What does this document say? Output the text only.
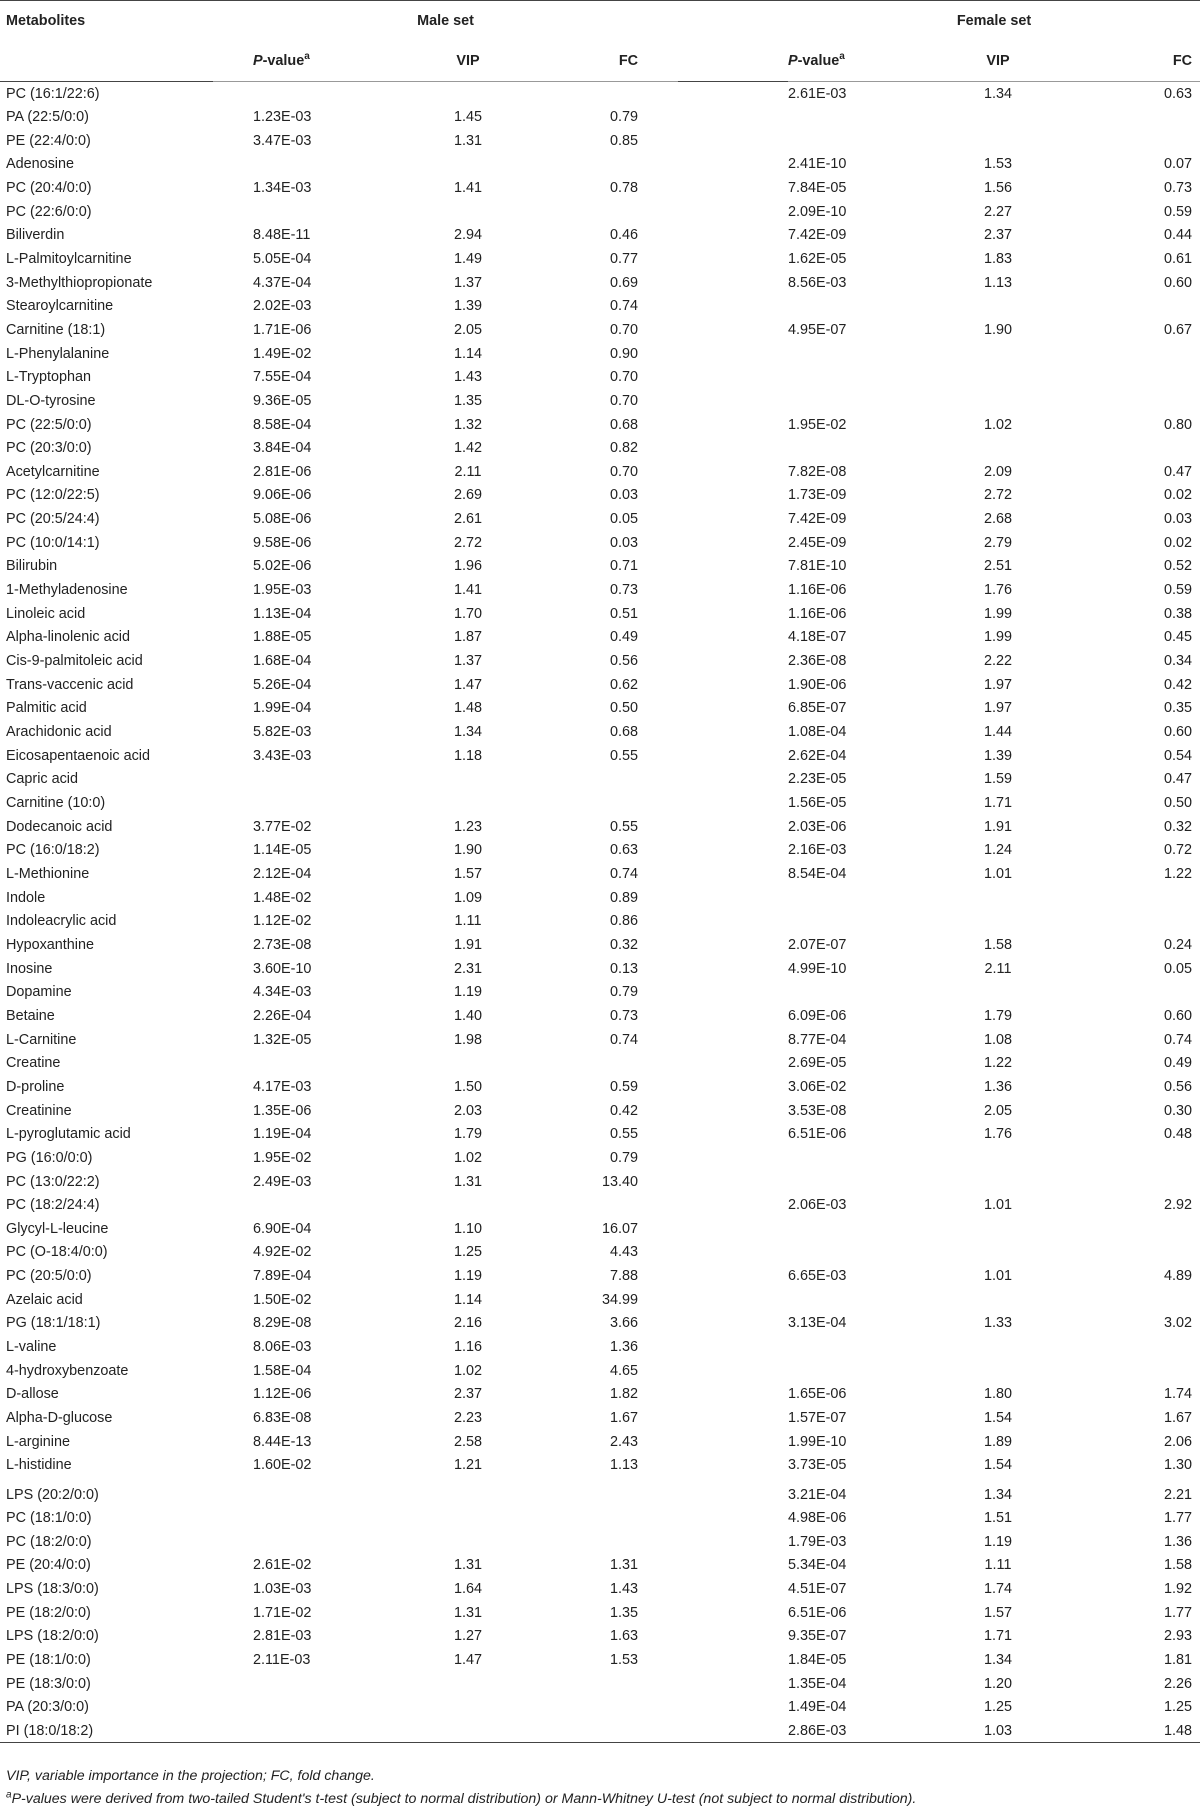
Metabolites	Male set				Female set		
	P-value$^a$	VIP	FC		P-value$^a$	VIP	FC
PC (16:1/22:6)					2.61E-03	1.34	0.63
PA (22:5/0:0)	1.23E-03	1.45	0.79				
PE (22:4/0:0)	3.47E-03	1.31	0.85				
Adenosine					2.41E-10	1.53	0.07
PC (20:4/0:0)	1.34E-03	1.41	0.78		7.84E-05	1.56	0.73
PC (22:6/0:0)					2.09E-10	2.27	0.59
Biliverdin	8.48E-11	2.94	0.46		7.42E-09	2.37	0.44
L-Palmitoylcarnitine	5.05E-04	1.49	0.77		1.62E-05	1.83	0.61
3-Methylthiopropionate	4.37E-04	1.37	0.69		8.56E-03	1.13	0.60
Stearoylcarnitine	2.02E-03	1.39	0.74				
Carnitine (18:1)	1.71E-06	2.05	0.70		4.95E-07	1.90	0.67
L-Phenylalanine	1.49E-02	1.14	0.90				
L-Tryptophan	7.55E-04	1.43	0.70				
DL-O-tyrosine	9.36E-05	1.35	0.70				
PC (22:5/0:0)	8.58E-04	1.32	0.68		1.95E-02	1.02	0.80
PC (20:3/0:0)	3.84E-04	1.42	0.82				
Acetylcarnitine	2.81E-06	2.11	0.70		7.82E-08	2.09	0.47
PC (12:0/22:5)	9.06E-06	2.69	0.03		1.73E-09	2.72	0.02
PC (20:5/24:4)	5.08E-06	2.61	0.05		7.42E-09	2.68	0.03
PC (10:0/14:1)	9.58E-06	2.72	0.03		2.45E-09	2.79	0.02
Bilirubin	5.02E-06	1.96	0.71		7.81E-10	2.51	0.52
1-Methyladenosine	1.95E-03	1.41	0.73		1.16E-06	1.76	0.59
Linoleic acid	1.13E-04	1.70	0.51		1.16E-06	1.99	0.38
Alpha-linolenic acid	1.88E-05	1.87	0.49		4.18E-07	1.99	0.45
Cis-9-palmitoleic acid	1.68E-04	1.37	0.56		2.36E-08	2.22	0.34
Trans-vaccenic acid	5.26E-04	1.47	0.62		1.90E-06	1.97	0.42
Palmitic acid	1.99E-04	1.48	0.50		6.85E-07	1.97	0.35
Arachidonic acid	5.82E-03	1.34	0.68		1.08E-04	1.44	0.60
Eicosapentaenoic acid	3.43E-03	1.18	0.55		2.62E-04	1.39	0.54
Capric acid					2.23E-05	1.59	0.47
Carnitine (10:0)					1.56E-05	1.71	0.50
Dodecanoic acid	3.77E-02	1.23	0.55		2.03E-06	1.91	0.32
PC (16:0/18:2)	1.14E-05	1.90	0.63		2.16E-03	1.24	0.72
L-Methionine	2.12E-04	1.57	0.74		8.54E-04	1.01	1.22
Indole	1.48E-02	1.09	0.89				
Indoleacrylic acid	1.12E-02	1.11	0.86				
Hypoxanthine	2.73E-08	1.91	0.32		2.07E-07	1.58	0.24
Inosine	3.60E-10	2.31	0.13		4.99E-10	2.11	0.05
Dopamine	4.34E-03	1.19	0.79				
Betaine	2.26E-04	1.40	0.73		6.09E-06	1.79	0.60
L-Carnitine	1.32E-05	1.98	0.74		8.77E-04	1.08	0.74
Creatine					2.69E-05	1.22	0.49
D-proline	4.17E-03	1.50	0.59		3.06E-02	1.36	0.56
Creatinine	1.35E-06	2.03	0.42		3.53E-08	2.05	0.30
L-pyroglutamic acid	1.19E-04	1.79	0.55		6.51E-06	1.76	0.48
PG (16:0/0:0)	1.95E-02	1.02	0.79				
PC (13:0/22:2)	2.49E-03	1.31	13.40				
PC (18:2/24:4)					2.06E-03	1.01	2.92
Glycyl-L-leucine	6.90E-04	1.10	16.07				
PC (O-18:4/0:0)	4.92E-02	1.25	4.43				
PC (20:5/0:0)	7.89E-04	1.19	7.88		6.65E-03	1.01	4.89
Azelaic acid	1.50E-02	1.14	34.99				
PG (18:1/18:1)	8.29E-08	2.16	3.66		3.13E-04	1.33	3.02
L-valine	8.06E-03	1.16	1.36				
4-hydroxybenzoate	1.58E-04	1.02	4.65				
D-allose	1.12E-06	2.37	1.82		1.65E-06	1.80	1.74
Alpha-D-glucose	6.83E-08	2.23	1.67		1.57E-07	1.54	1.67
L-arginine	8.44E-13	2.58	2.43		1.99E-10	1.89	2.06
L-histidine	1.60E-02	1.21	1.13		3.73E-05	1.54	1.30
LPS (20:2/0:0)					3.21E-04	1.34	2.21
PC (18:1/0:0)					4.98E-06	1.51	1.77
PC (18:2/0:0)					1.79E-03	1.19	1.36
PE (20:4/0:0)	2.61E-02	1.31	1.31		5.34E-04	1.11	1.58
LPS (18:3/0:0)	1.03E-03	1.64	1.43		4.51E-07	1.74	1.92
PE (18:2/0:0)	1.71E-02	1.31	1.35		6.51E-06	1.57	1.77
LPS (18:2/0:0)	2.81E-03	1.27	1.63		9.35E-07	1.71	2.93
PE (18:1/0:0)	2.11E-03	1.47	1.53		1.84E-05	1.34	1.81
PE (18:3/0:0)					1.35E-04	1.20	2.26
PA (20:3/0:0)					1.49E-04	1.25	1.25
PI (18:0/18:2)					2.86E-03	1.03	1.48
VIP, variable importance in the projection; FC, fold change.
$^a$P-values were derived from two-tailed Student's t-test (subject to normal distribution) or Mann-Whitney U-test (not subject to normal distribution).
